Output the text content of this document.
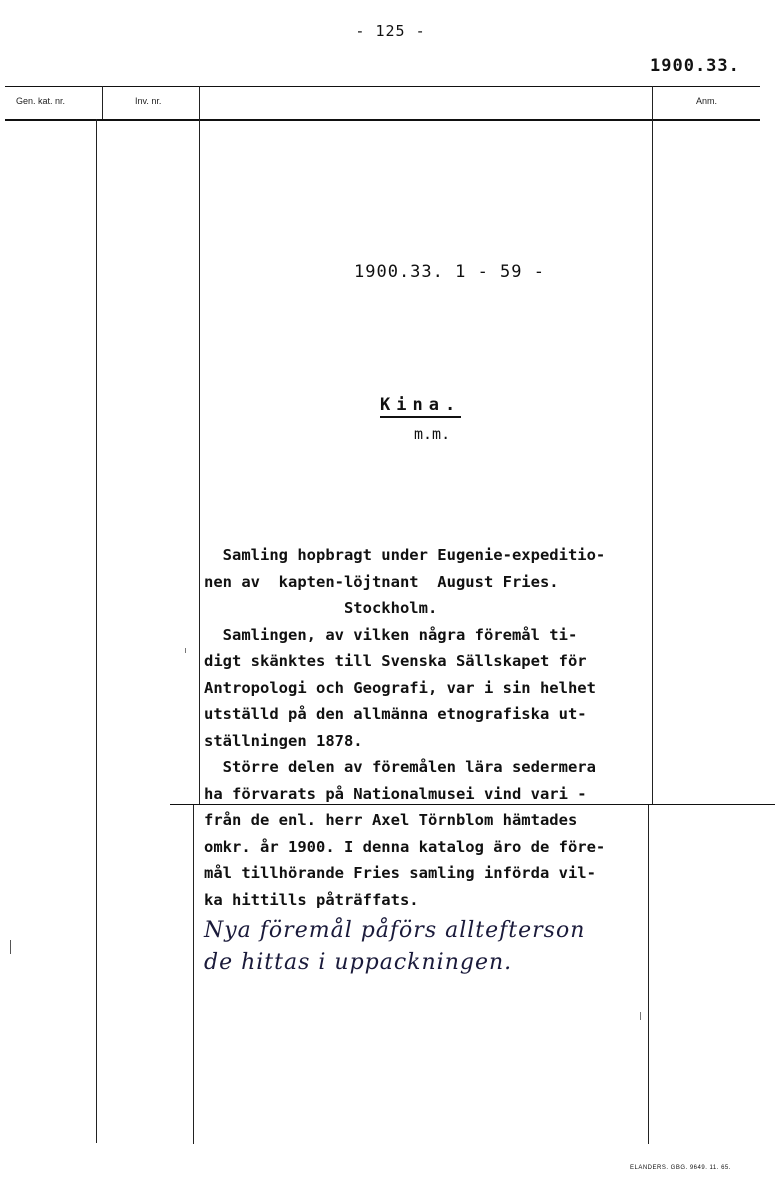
- 125 -
1900.33.
Gen. kat. nr.	Inv. nr.	Anm.
1900.33. 1 - 59 -
Kina.
m.m.
Samling hopbragt under Eugenie-expeditio-
nen av  kapten-löjtnant  August Fries.
Stockholm.
Samlingen, av vilken några föremål ti-
digt skänktes till Svenska Sällskapet för
Antropologi och Geografi, var i sin helhet
utställd på den allmänna etnografiska ut-
ställningen 1878.
Större delen av föremålen lära sedermera
ha förvarats på Nationalmusei vind vari -
från de enl. herr Axel Törnblom hämtades
omkr. år 1900. I denna katalog äro de före-
mål tillhörande Fries samling införda vil-
ka hittills påträffats.
Nya föremål påförs alltefterson
de hittas i uppackningen.
ELANDERS. GBG. 9649. 11. 65.
